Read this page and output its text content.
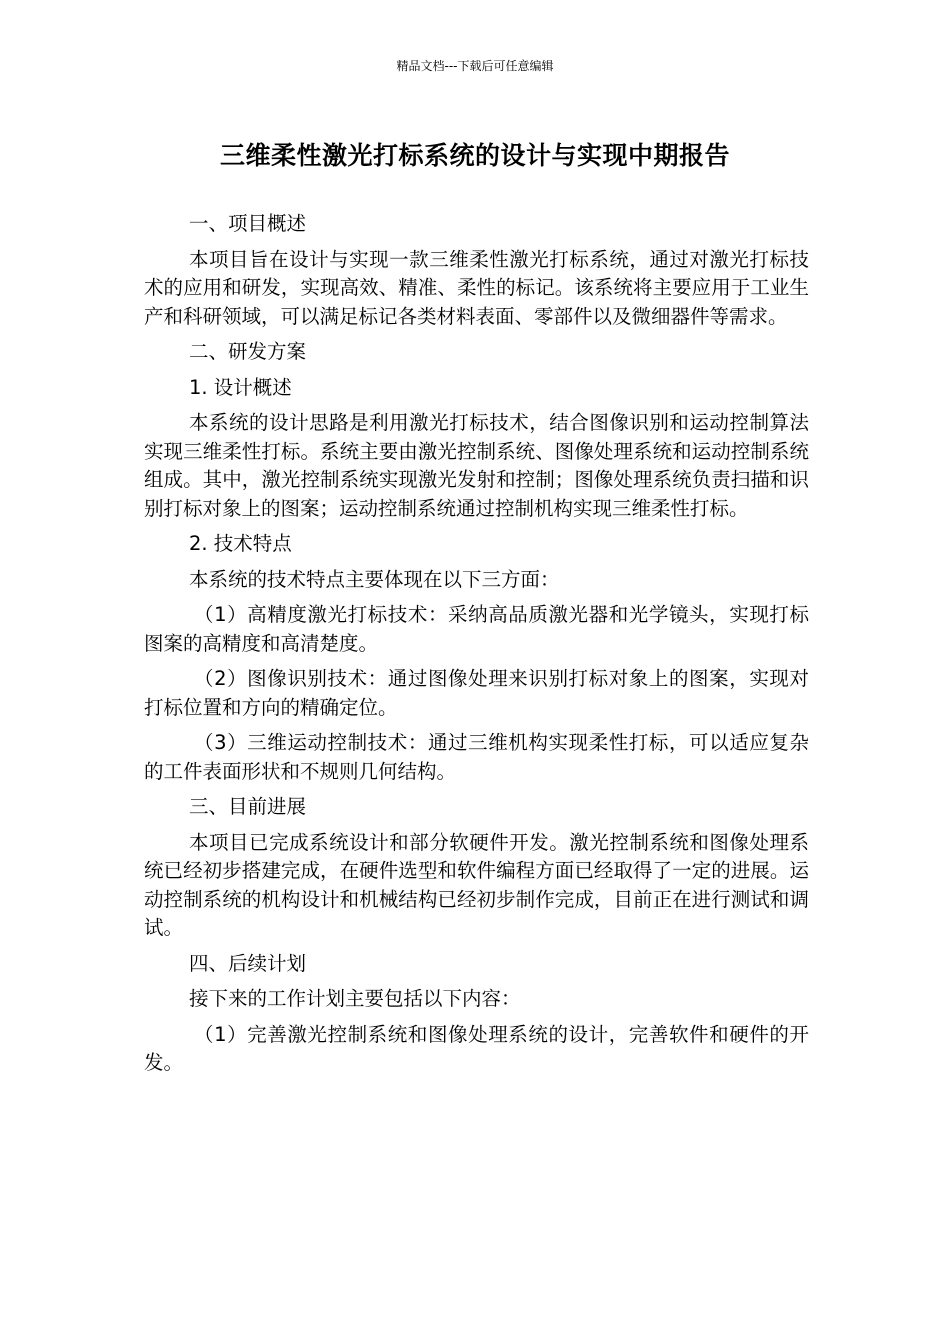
精品文档---下载后可任意编辑
三维柔性激光打标系统的设计与实现中期报告

一、项目概述

本项目旨在设计与实现一款三维柔性激光打标系统，通过对激光打标技术的应用和研发，实现高效、精准、柔性的标记。该系统将主要应用于工业生产和科研领域，可以满足标记各类材料表面、零部件以及微细器件等需求。

二、研发方案

1. 设计概述

本系统的设计思路是利用激光打标技术，结合图像识别和运动控制算法实现三维柔性打标。系统主要由激光控制系统、图像处理系统和运动控制系统组成。其中，激光控制系统实现激光发射和控制；图像处理系统负责扫描和识别打标对象上的图案；运动控制系统通过控制机构实现三维柔性打标。

2. 技术特点

本系统的技术特点主要体现在以下三方面：

（1）高精度激光打标技术：采纳高品质激光器和光学镜头，实现打标图案的高精度和高清楚度。

（2）图像识别技术：通过图像处理来识别打标对象上的图案，实现对打标位置和方向的精确定位。

（3）三维运动控制技术：通过三维机构实现柔性打标，可以适应复杂的工件表面形状和不规则几何结构。

三、目前进展

本项目已完成系统设计和部分软硬件开发。激光控制系统和图像处理系统已经初步搭建完成，在硬件选型和软件编程方面已经取得了一定的进展。运动控制系统的机构设计和机械结构已经初步制作完成，目前正在进行测试和调试。

四、后续计划

接下来的工作计划主要包括以下内容：

（1）完善激光控制系统和图像处理系统的设计，完善软件和硬件的开发。
